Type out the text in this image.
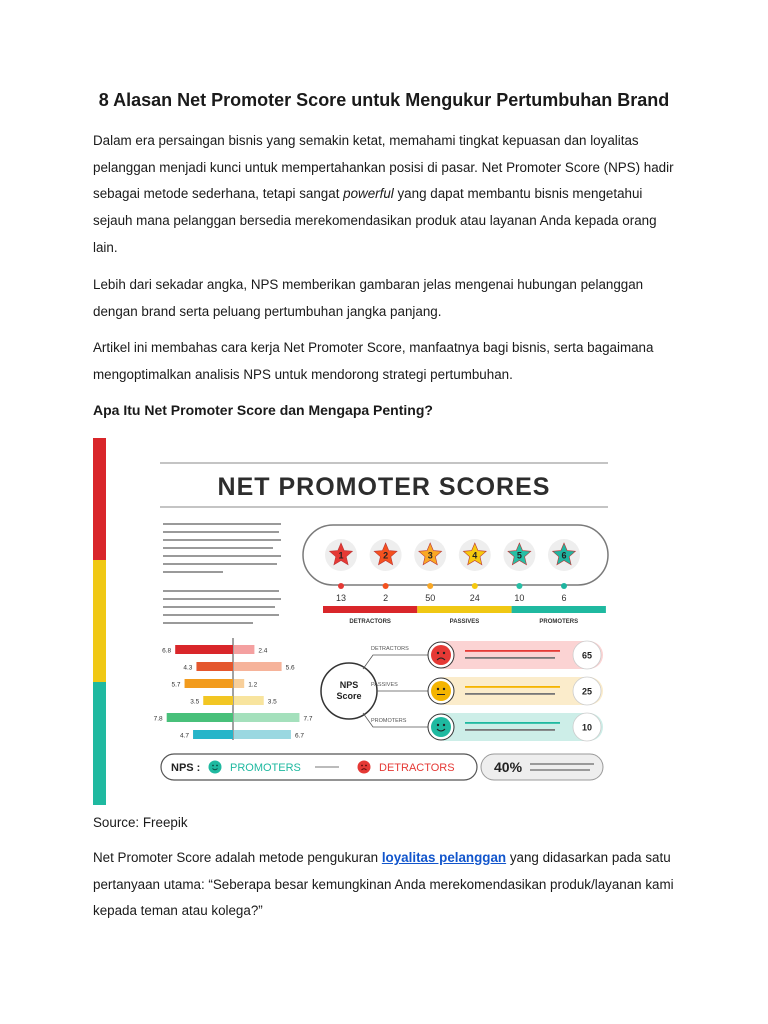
8 Alasan Net Promoter Score untuk Mengukur Pertumbuhan Brand

Dalam era persaingan bisnis yang semakin ketat, memahami tingkat kepuasan dan loyalitas pelanggan menjadi kunci untuk mempertahankan posisi di pasar. Net Promoter Score (NPS) hadir sebagai metode sederhana, tetapi sangat powerful yang dapat membantu bisnis mengetahui sejauh mana pelanggan bersedia merekomendasikan produk atau layanan Anda kepada orang lain.

Lebih dari sekadar angka, NPS memberikan gambaran jelas mengenai hubungan pelanggan dengan brand serta peluang pertumbuhan jangka panjang.

Artikel ini membahas cara kerja Net Promoter Score, manfaatnya bagi bisnis, serta bagaimana mengoptimalkan analisis NPS untuk mendorong strategi pertumbuhan.

Apa Itu Net Promoter Score dan Mengapa Penting?
NET PROMOTER SCORES
1	2	3	4	5	6
13	2	50	24	10	6
DETRACTORS	PASSIVES	PROMOTERS
6.8	2.4
4.3	5.6
5.7	1.2
3.5	3.5
7.8	7.7
4.7	6.7
NPS
Score
DETRACTORS
65
PASSIVES
25
PROMOTERS
10
NPS :	PROMOTERS	DETRACTORS	40%

Source: Freepik

Net Promoter Score adalah metode pengukuran loyalitas pelanggan yang didasarkan pada satu pertanyaan utama: “Seberapa besar kemungkinan Anda merekomendasikan produk/layanan kami kepada teman atau kolega?”
